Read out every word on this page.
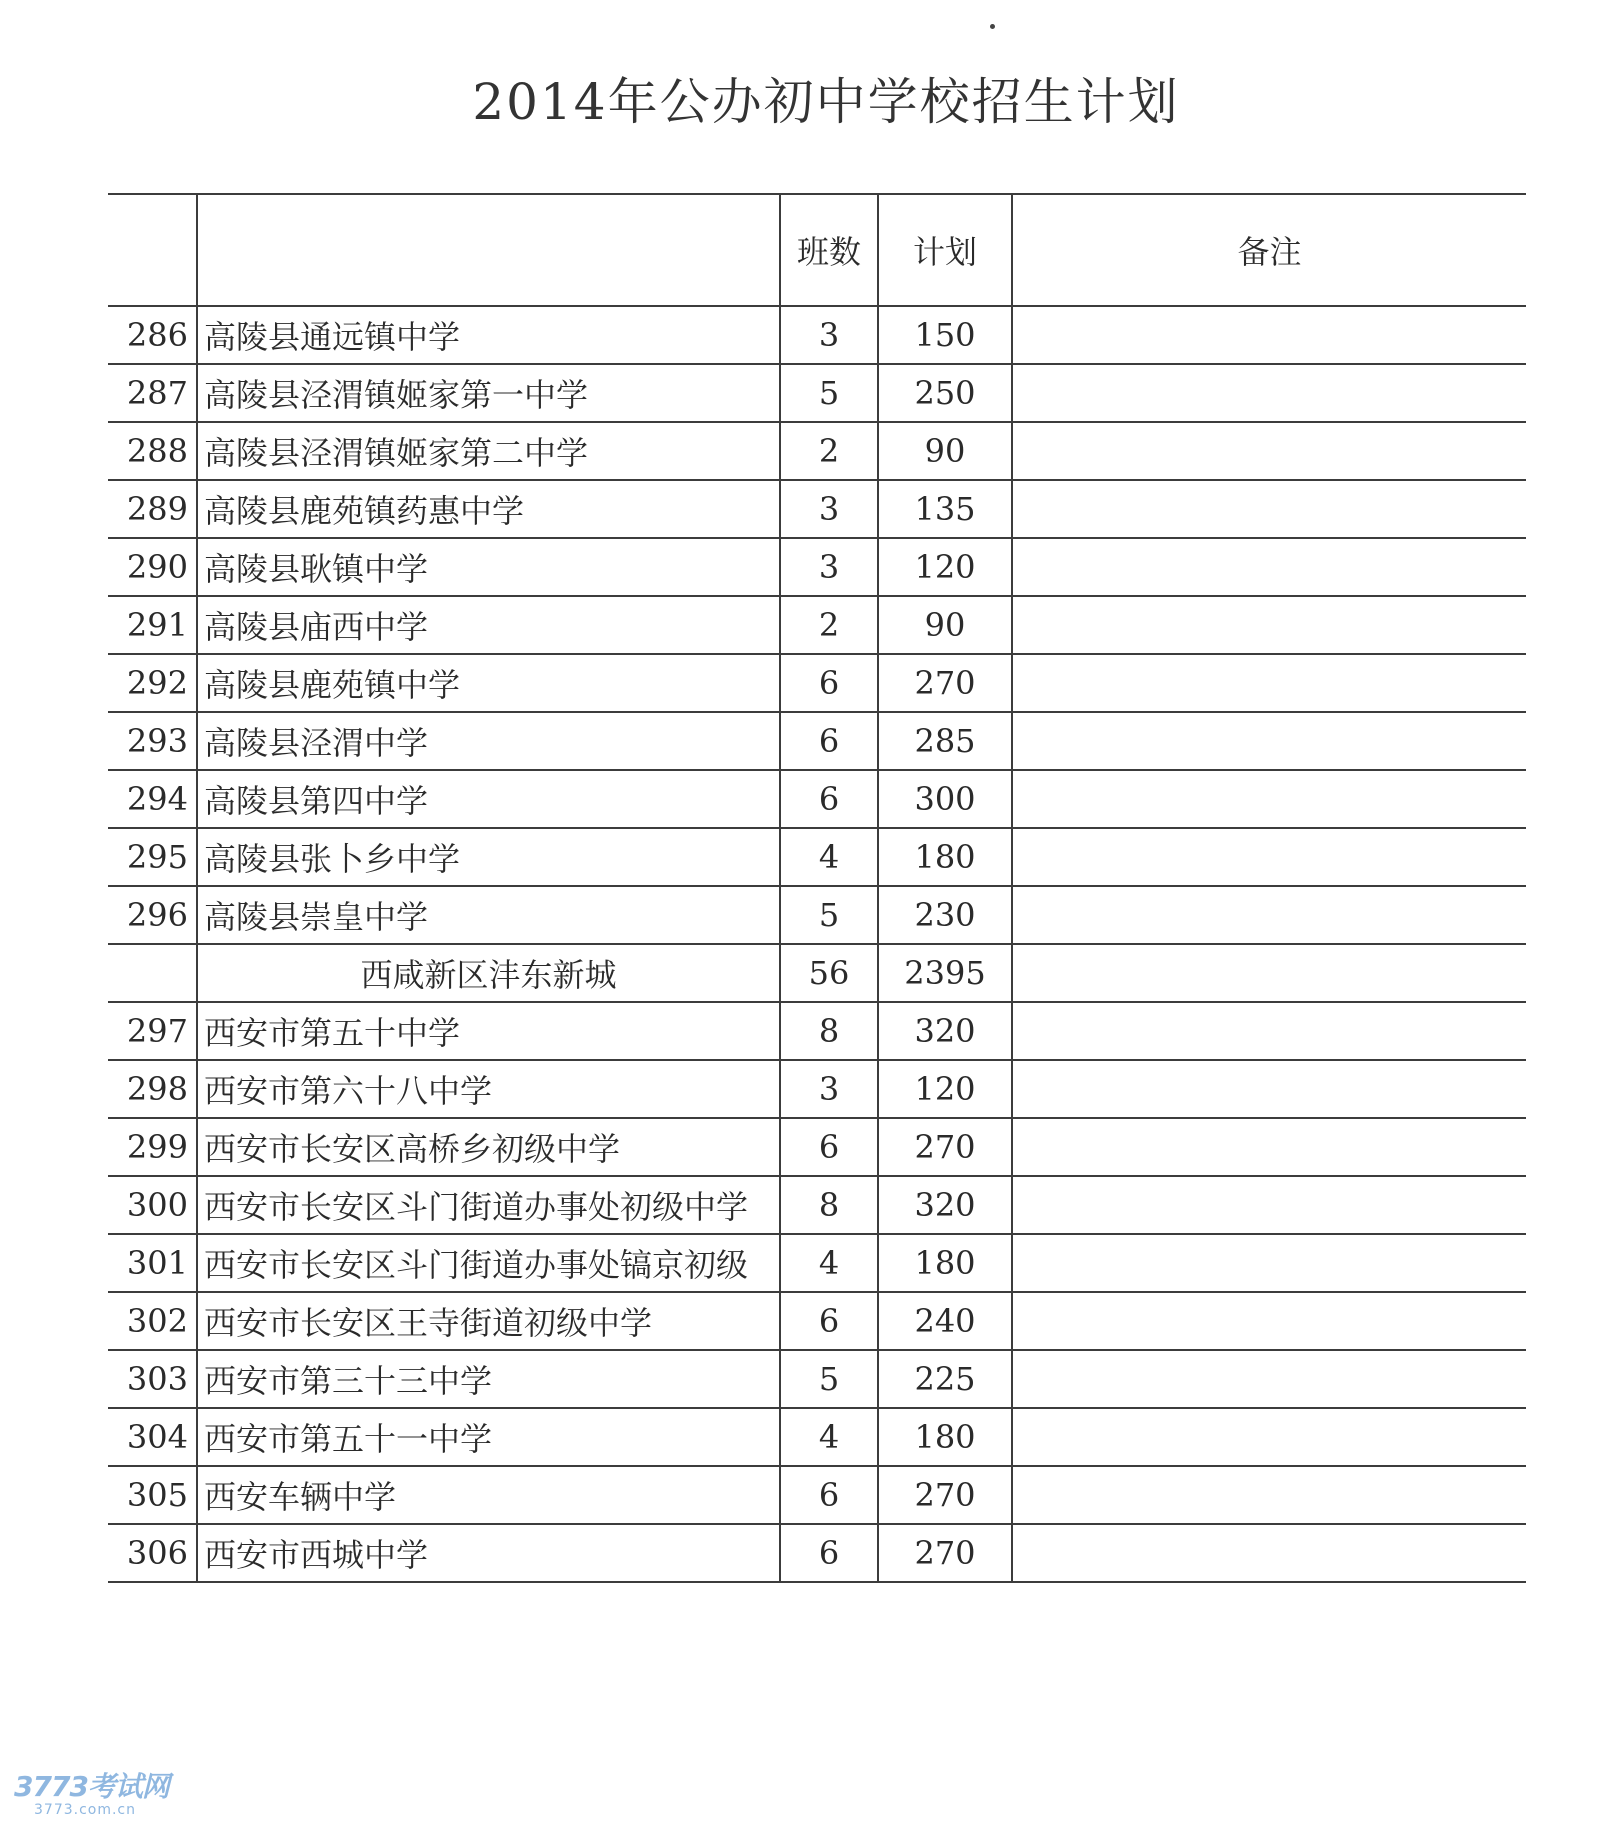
2014年公办初中学校招生计划
		班数	计划	备注
286	高陵县通远镇中学	3	150	
287	高陵县泾渭镇姬家第一中学	5	250	
288	高陵县泾渭镇姬家第二中学	2	90	
289	高陵县鹿苑镇药惠中学	3	135	
290	高陵县耿镇中学	3	120	
291	高陵县庙西中学	2	90	
292	高陵县鹿苑镇中学	6	270	
293	高陵县泾渭中学	6	285	
294	高陵县第四中学	6	300	
295	高陵县张卜乡中学	4	180	
296	高陵县崇皇中学	5	230	
	西咸新区沣东新城	56	2395	
297	西安市第五十中学	8	320	
298	西安市第六十八中学	3	120	
299	西安市长安区高桥乡初级中学	6	270	
300	西安市长安区斗门街道办事处初级中学	8	320	
301	西安市长安区斗门街道办事处镐京初级	4	180	
302	西安市长安区王寺街道初级中学	6	240	
303	西安市第三十三中学	5	225	
304	西安市第五十一中学	4	180	
305	西安车辆中学	6	270	
306	西安市西城中学	6	270	
3773考试网
3773.com.cn
